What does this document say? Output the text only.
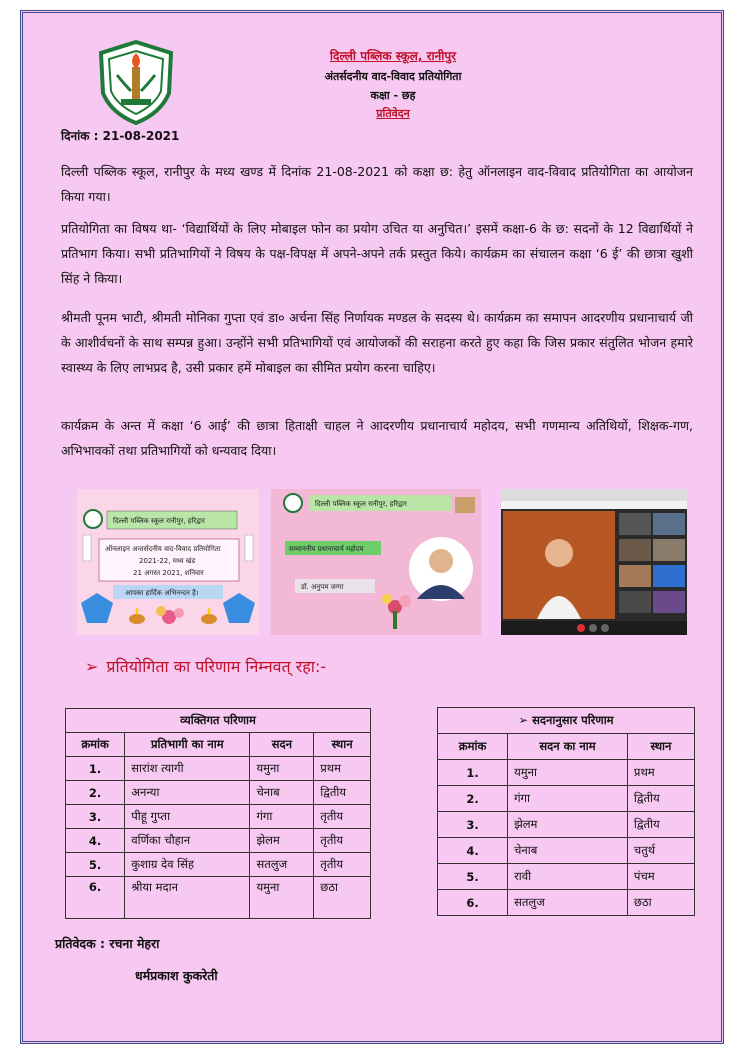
दिल्ली पब्लिक स्कूल, रानीपुर
अंतर्सदनीय वाद-विवाद प्रतियोगिता
कक्षा - छह
प्रतिवेदन
दिनांक : 21-08-2021
दिल्ली पब्लिक स्कूल, रानीपुर के मध्य खण्ड में दिनांक 21-08-2021 को कक्षा छ: हेतु ऑनलाइन वाद-विवाद प्रतियोगिता का आयोजन किया गया।
प्रतियोगिता का विषय था- ‘विद्यार्थियों के लिए मोबाइल फोन का प्रयोग उचित या अनुचित।’ इसमें कक्षा-6 के छ: सदनों के 12 विद्यार्थियों ने प्रतिभाग किया। सभी प्रतिभागियों ने विषय के पक्ष-विपक्ष में अपने-अपने तर्क प्रस्तुत किये। कार्यक्रम का संचालन कक्षा ‘6 ई’ की छात्रा खुशी सिंह ने किया।
श्रीमती पूनम भाटी, श्रीमती मोनिका गुप्ता एवं डा० अर्चना सिंह निर्णायक मण्डल के सदस्य थे। कार्यक्रम का समापन आदरणीय प्रधानाचार्य जी के आशीर्वचनों के साथ सम्पन्न हुआ। उन्होंने सभी प्रतिभागियों एवं आयोजकों की सराहना करते हुए कहा कि जिस प्रकार संतुलित भोजन हमारे स्वास्थ्य के लिए लाभप्रद है, उसी प्रकार हमें मोबाइल का सीमित प्रयोग करना चाहिए।
कार्यक्रम के अन्त में कक्षा ‘6 आई’ की छात्रा हिताक्षी चाहल ने आदरणीय प्रधानाचार्य महोदय, सभी गणमान्य अतिथियों, शिक्षक-गण, अभिभावकों तथा प्रतिभागियों को धन्यवाद दिया।
दिल्ली पब्लिक स्कूल रानीपुर, हरिद्वार
ऑनलाइन अन्तर्सदनीय वाद-विवाद प्रतियोगिता
2021-22, मध्य खंड
21 अगस्त 2021, शनिवार
आपका हार्दिक अभिनन्दन है।
दिल्ली पब्लिक स्कूल रानीपुर, हरिद्वार
सम्माननीय प्रधानाचार्य महोदय
डॉ. अनुपम जग्गा
➢ प्रतियोगिता का परिणाम निम्नवत् रहा:-
व्यक्तिगत परिणाम			
क्रमांक	प्रतिभागी का नाम	सदन	स्थान
1.	सारांश त्यागी	यमुना	प्रथम
2.	अनन्या	चेनाब	द्वितीय
3.	पीहू गुप्ता	गंगा	तृतीय
4.	वर्णिका चौहान	झेलम	तृतीय
5.	कुशाग्र देव सिंह	सतलुज	तृतीय
6.	श्रीया मदान	यमुना	छठा
➢ सदनानुसार परिणाम		
क्रमांक	सदन का नाम	स्थान
1.	यमुना	प्रथम
2.	गंगा	द्वितीय
3.	झेलम	द्वितीय
4.	चेनाब	चतुर्थ
5.	रावी	पंचम
6.	सतलुज	छठा
प्रतिवेदक : रचना मेहरा
धर्मप्रकाश कुकरेती
